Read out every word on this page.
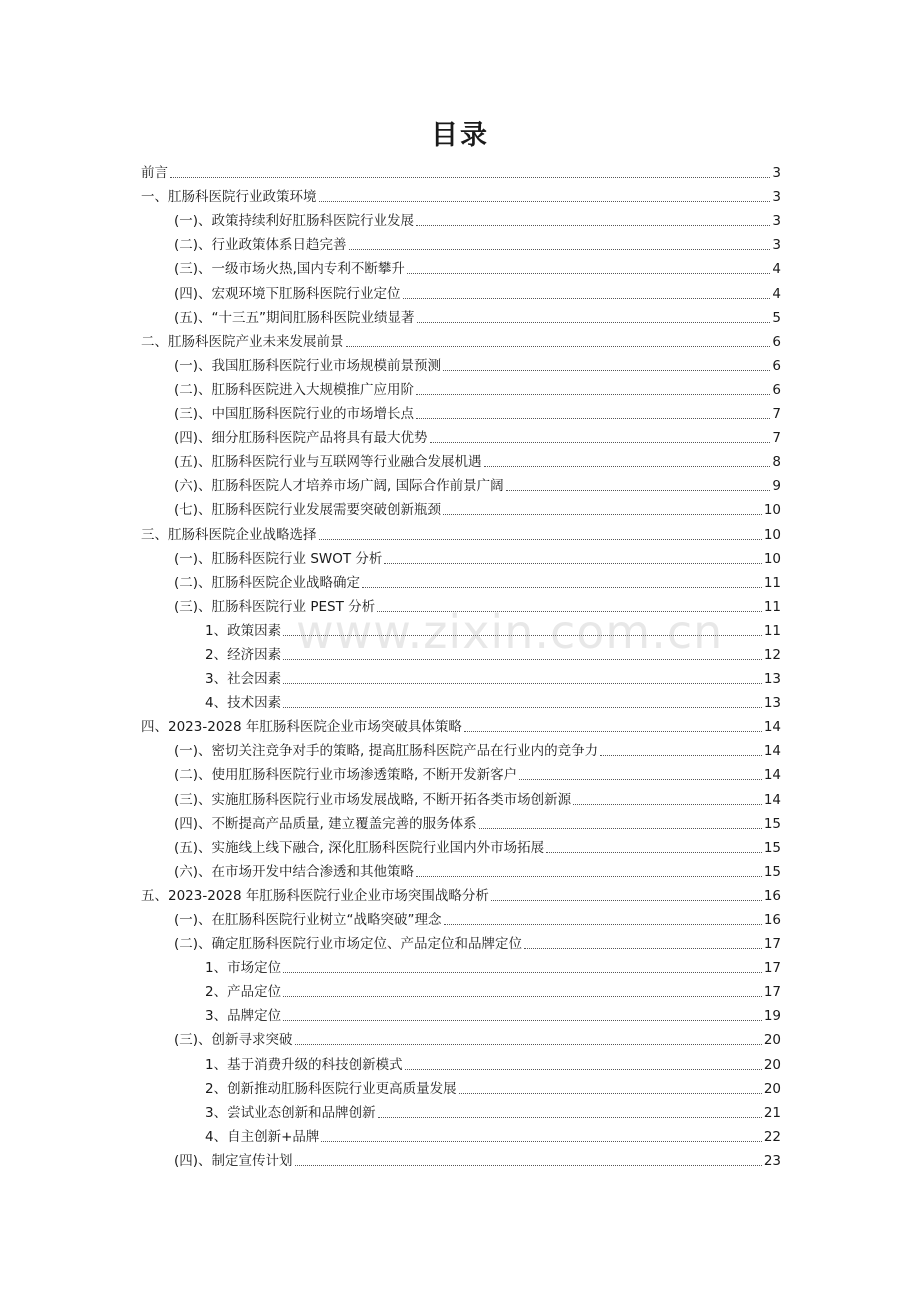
目录
前言	3
一、肛肠科医院行业政策环境	3
(一)、政策持续利好肛肠科医院行业发展	3
(二)、行业政策体系日趋完善	3
(三)、一级市场火热,国内专利不断攀升	4
(四)、宏观环境下肛肠科医院行业定位	4
(五)、“十三五”期间肛肠科医院业绩显著	5
二、肛肠科医院产业未来发展前景	6
(一)、我国肛肠科医院行业市场规模前景预测	6
(二)、肛肠科医院进入大规模推广应用阶	6
(三)、中国肛肠科医院行业的市场增长点	7
(四)、细分肛肠科医院产品将具有最大优势	7
(五)、肛肠科医院行业与互联网等行业融合发展机遇	8
(六)、肛肠科医院人才培养市场广阔, 国际合作前景广阔	9
(七)、肛肠科医院行业发展需要突破创新瓶颈	10
三、肛肠科医院企业战略选择	10
(一)、肛肠科医院行业 SWOT 分析	10
(二)、肛肠科医院企业战略确定	11
(三)、肛肠科医院行业 PEST 分析	11
1、政策因素	11
2、经济因素	12
3、社会因素	13
4、技术因素	13
四、2023-2028 年肛肠科医院企业市场突破具体策略	14
(一)、密切关注竞争对手的策略, 提高肛肠科医院产品在行业内的竞争力	14
(二)、使用肛肠科医院行业市场渗透策略, 不断开发新客户	14
(三)、实施肛肠科医院行业市场发展战略, 不断开拓各类市场创新源	14
(四)、不断提高产品质量, 建立覆盖完善的服务体系	15
(五)、实施线上线下融合, 深化肛肠科医院行业国内外市场拓展	15
(六)、在市场开发中结合渗透和其他策略	15
五、2023-2028 年肛肠科医院行业企业市场突围战略分析	16
(一)、在肛肠科医院行业树立“战略突破”理念	16
(二)、确定肛肠科医院行业市场定位、产品定位和品牌定位	17
1、市场定位	17
2、产品定位	17
3、品牌定位	19
(三)、创新寻求突破	20
1、基于消费升级的科技创新模式	20
2、创新推动肛肠科医院行业更高质量发展	20
3、尝试业态创新和品牌创新	21
4、自主创新+品牌	22
(四)、制定宣传计划	23
www.zixin.com.cn
